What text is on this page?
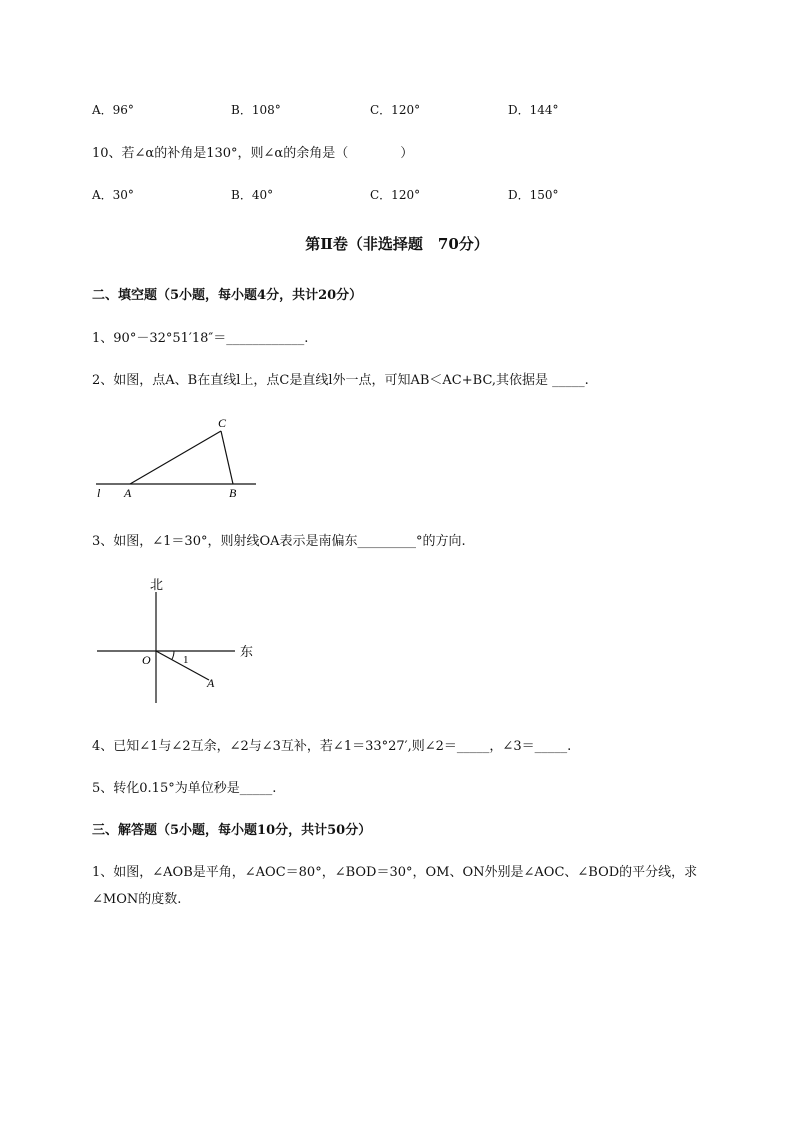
A．96°	B．108°	C．120°	D．144°
10、若∠α的补角是130°，则∠α的余角是（　　　　）
A．30°	B．40°	C．120°	D．150°
第Ⅱ卷（非选择题　70分）
二、填空题（5小题，每小题4分，共计20分）
1、90°－32°51′18″＝____________.
2、如图，点A、B在直线l上，点C是直线l外一点，可知AB＜AC+BC,其依据是 _____.
C
A	B
l
3、如图，∠1＝30°，则射线OA表示是南偏东_________°的方向.
北
东
O	1
A
4、已知∠1与∠2互余，∠2与∠3互补，若∠1＝33°27′,则∠2＝_____，∠3＝_____.
5、转化0.15°为单位秒是_____.
三、解答题（5小题，每小题10分，共计50分）
1、如图，∠AOB是平角，∠AOC＝80°，∠BOD＝30°，OM、ON外别是∠AOC、∠BOD的平分线，求
∠MON的度数.
